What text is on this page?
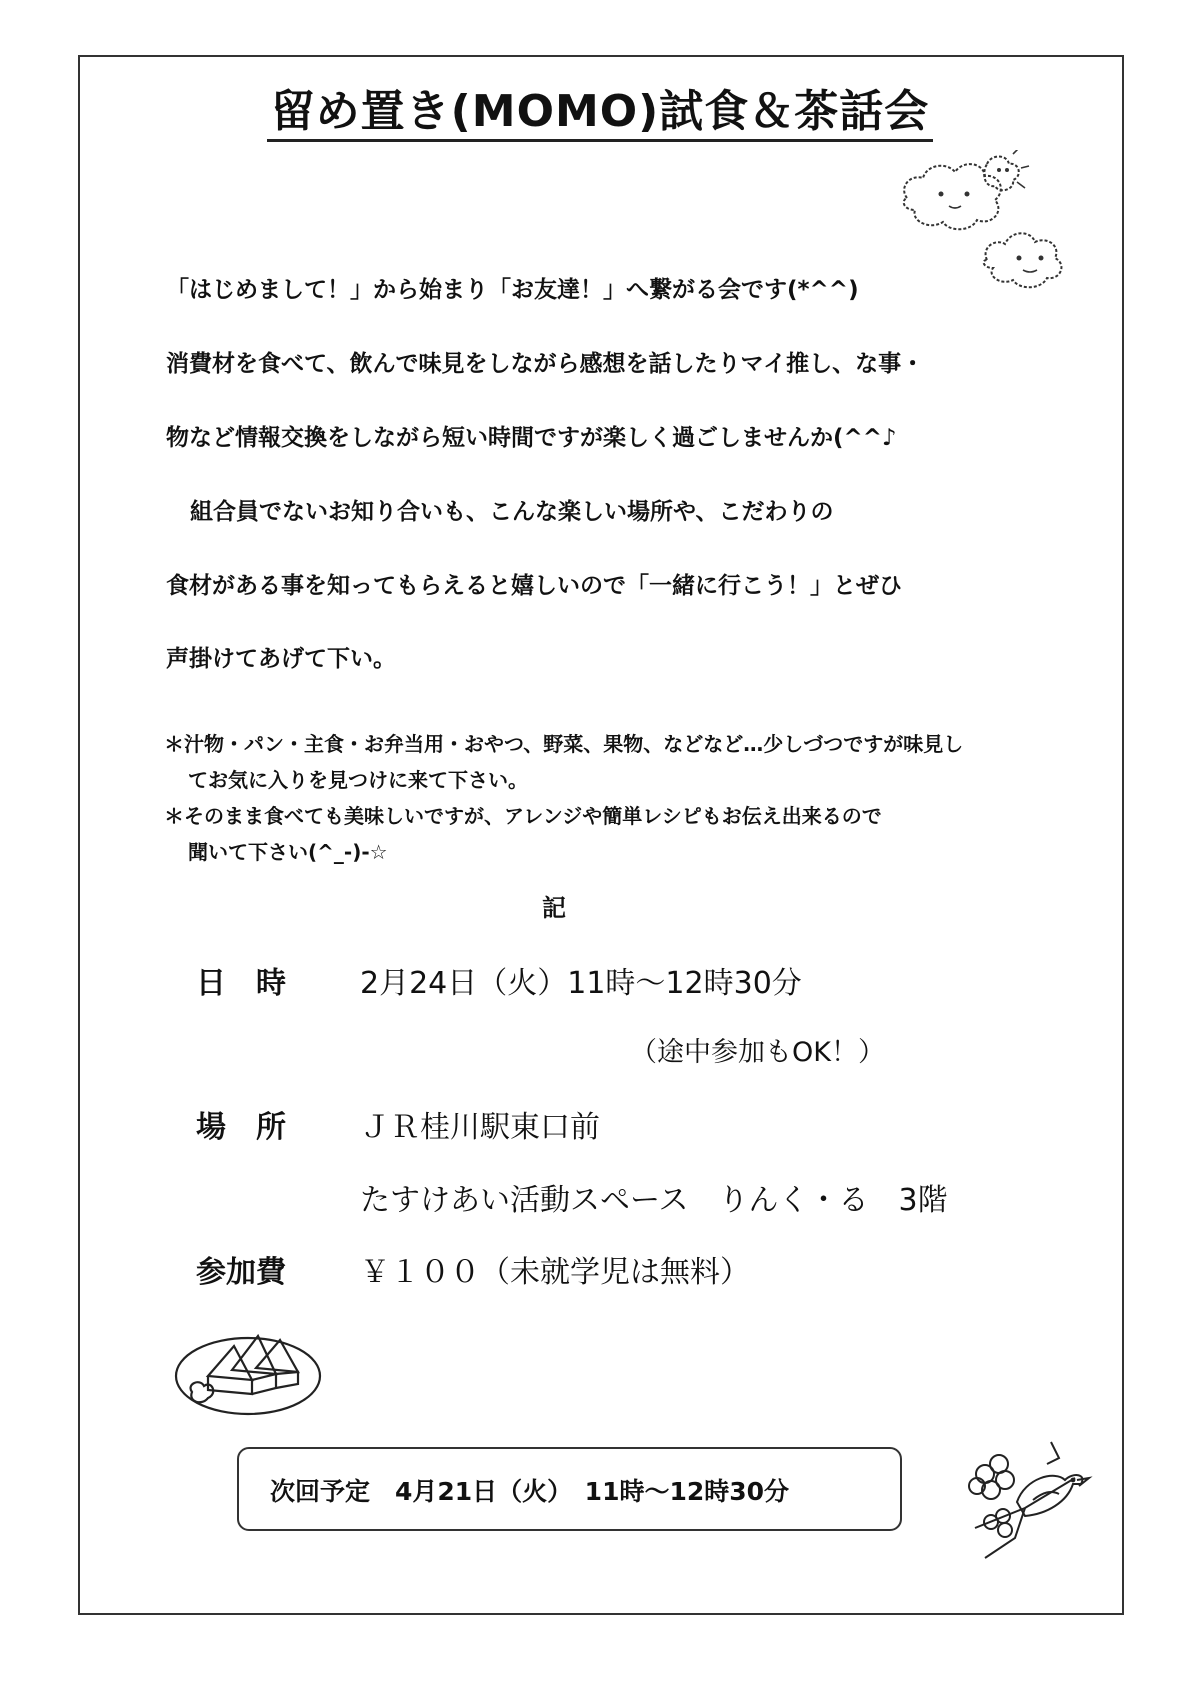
留め置き(MOMO)試食＆茶話会
「はじめまして！」から始まり「お友達！」へ繋がる会です(*^^)
消費材を食べて、飲んで味見をしながら感想を話したりマイ推し、な事・
物など情報交換をしながら短い時間ですが楽しく過ごしませんか(^^♪
組合員でないお知り合いも、こんな楽しい場所や、こだわりの
食材がある事を知ってもらえると嬉しいので「一緒に行こう！」とぜひ
声掛けてあげて下い。
＊汁物・パン・主食・お弁当用・おやつ、野菜、果物、などなど…少しづつですが味見し
てお気に入りを見つけに来て下さい。
＊そのまま食べても美味しいですが、アレンジや簡単レシピもお伝え出来るので
聞いて下さい(^_-)-☆
記
日　時 2月24日（火）11時～12時30分
（途中参加もOK！）
場　所 ＪＲ桂川駅東口前
たすけあい活動スペース　りんく・る　3階
参加費 ￥１００（未就学児は無料）
次回予定　4月21日（火）　11時～12時30分
